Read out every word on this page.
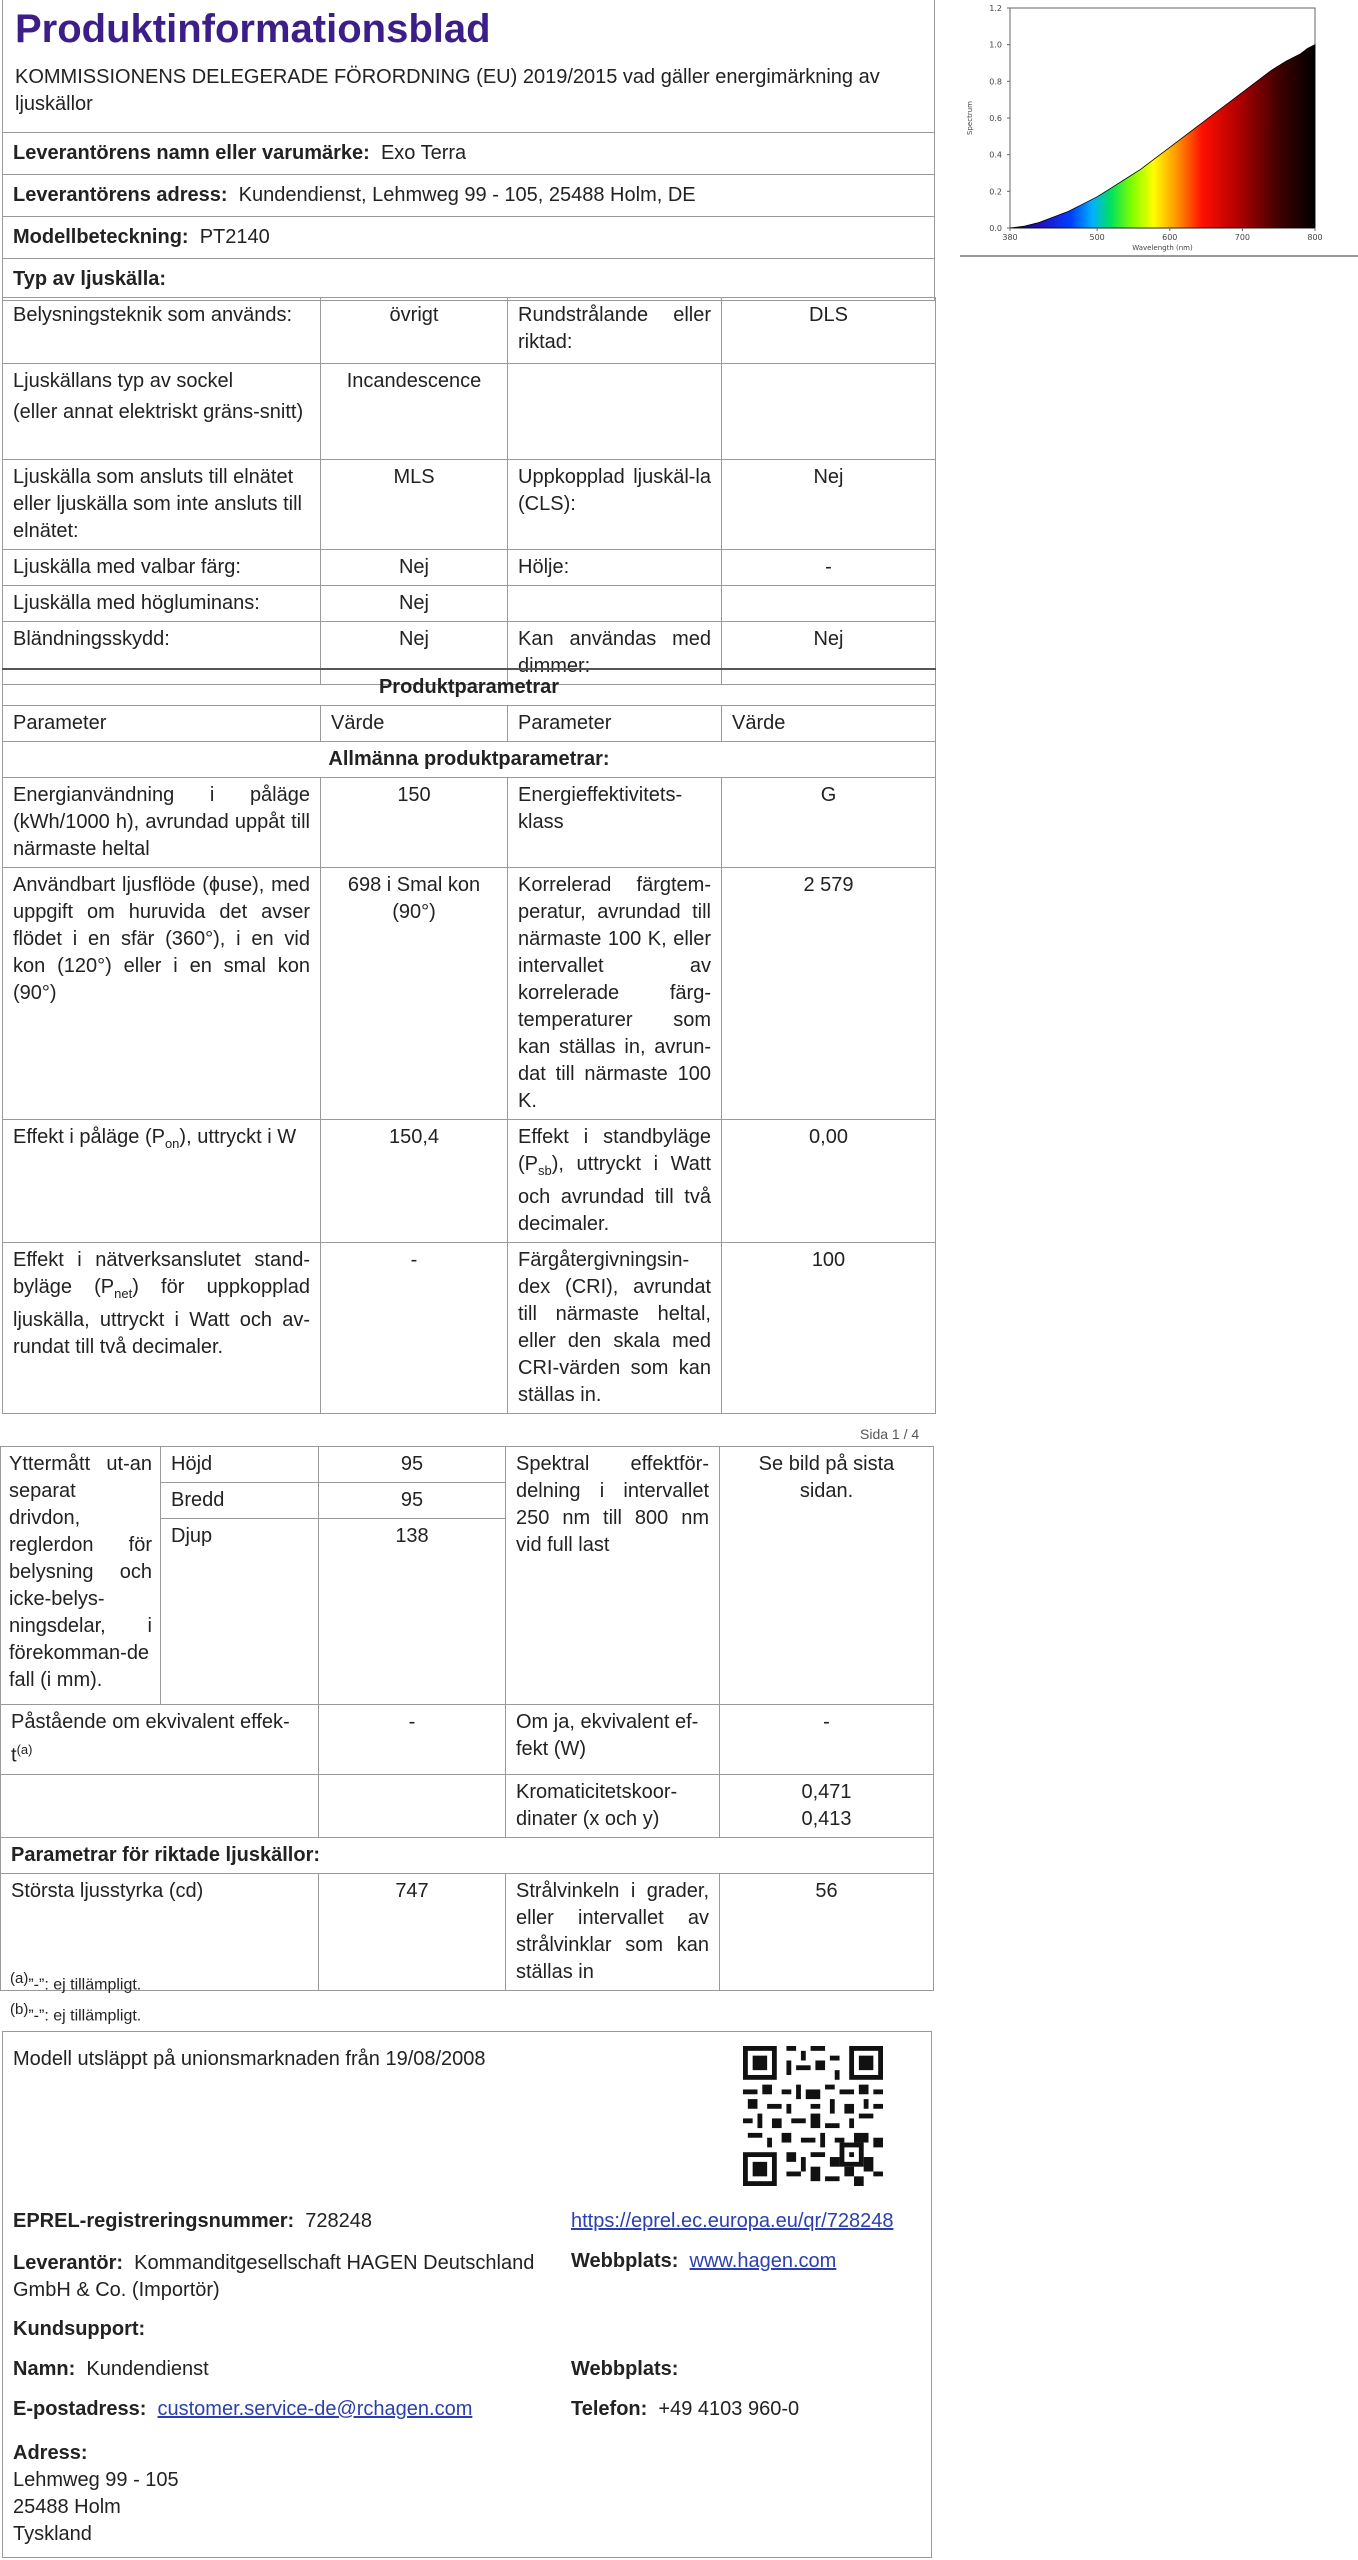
0.0
0.2
0.4
0.6
0.8
1.0
1.2
380	500	600	700	800
Wavelength (nm)
Spectrum
Produktinformationsblad
KOMMISSIONENS DELEGERADE FÖRORDNING (EU) 2019/2015 vad gäller energimärkning av ljuskällor

Leverantörens namn eller varumärke: Exo Terra
Leverantörens adress: Kundendienst, Lehmweg 99 - 105, 25488 Holm, DE
Modellbeteckning: PT2140
Typ av ljuskälla:
Belysningsteknik som används:	övrigt	Rundstrålande eller riktad:	DLS

Ljuskällans typ av sockel
(eller annat elektriskt gräns-snitt)	Incandescence		
Ljuskälla som ansluts till elnätet eller ljuskälla som inte ansluts till elnätet:	MLS	Uppkopplad ljuskäl-la (CLS):	Nej
Ljuskälla med valbar färg:	Nej	Hölje:	-
Ljuskälla med högluminans:	Nej		
Bländningsskydd:	Nej	Kan användas med dimmer:	Nej
Produktparametrar			
Parameter	Värde	Parameter	Värde
Allmänna produktparametrar:			
Energianvändning i påläge (kWh/1000 h), avrundad uppåt till närmaste heltal	150	Energieffektivitets-klass	G
Användbart ljusflöde (ɸuse), med uppgift om huruvida det avser flödet i en sfär (360°), i en vid kon (120°) eller i en smal kon (90°)	698 i Smal kon (90°)	Korrelerad färgtem-peratur, avrundad till närmaste 100 K, eller intervallet av korrelerade färg-temperaturer som kan ställas in, avrun-dat till närmaste 100 K.	2 579
Effekt i påläge $(P_{on})$, uttryckt i W	150,4	Effekt i standbyläge $(P_{sb})$, uttryckt i Watt och avrundad till två decimaler.	0,00
Effekt i nätverksanslutet stand-byläge $(P_{net})$ för uppkopplad ljuskälla, uttryckt i Watt och av-rundat till två decimaler.	-	Färgåtergivningsin-dex (CRI), avrundat till närmaste heltal, eller den skala med CRI-värden som kan ställas in.	100
Sida 1 / 4
Yttermått ut-an separat drivdon, reglerdon för belysning och icke-belys-ningsdelar, i förekomman-de fall (i mm).	Höjd	95	Spektral effektför-delning i intervallet 250 nm till 800 nm vid full last	Se bild på sista sidan.
	Bredd	95		
	Djup	138		
Påstående om ekvivalent effek-$t^{(a)}$		-	Om ja, ekvivalent ef-fekt (W)	-
			Kromaticitetskoor-dinater (x och y)	0,471
0,413

Parametrar för riktade ljuskällor:				
Största ljusstyrka (cd)		747	Strålvinkeln i grader, eller intervallet av strålvinklar som kan ställas in	56
$^{(a)}$”-”: ej tillämpligt.
$^{(b)}$”-”: ej tillämpligt.
Modell utsläppt på unionsmarknaden från 19/08/2008
EPREL-registreringsnummer: 728248	https://eprel.ec.europa.eu/qr/728248
Leverantör: Kommanditgesellschaft HAGEN Deutschland GmbH & Co. (Importör)
Webbplats: www.hagen.com
Kundsupport:
Namn: Kundendienst	Webbplats:
E-postadress: customer.service-de@rchagen.com	Telefon: +49 4103 960-0
Adress:
Lehmweg 99 - 105
25488 Holm
Tyskland
